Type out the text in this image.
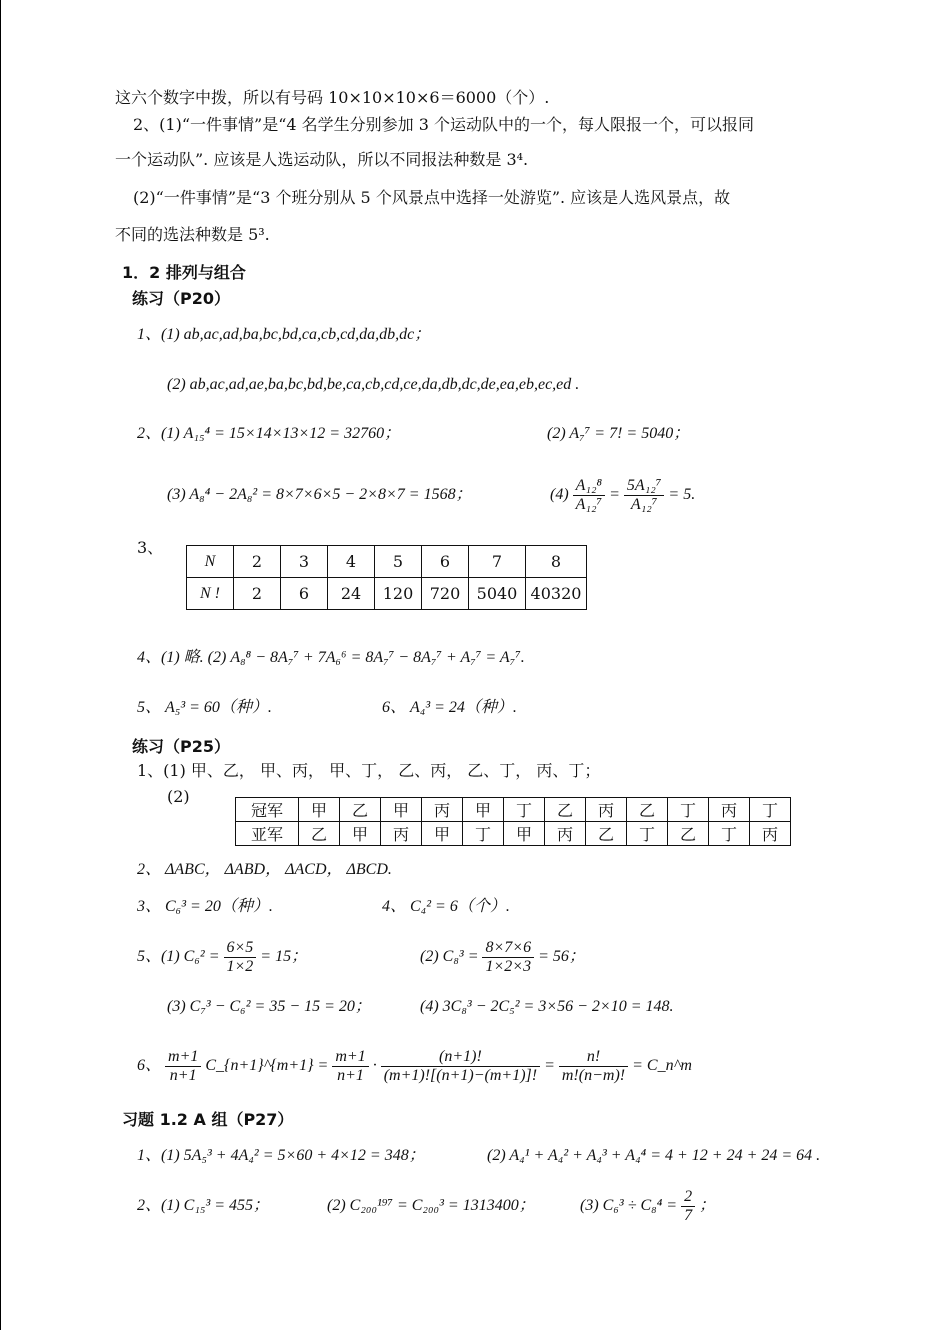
这六个数字中拨，所以有号码 10×10×10×6＝6000（个）.
2、(1)“一件事情”是“4 名学生分别参加 3 个运动队中的一个，每人限报一个，可以报同
一个运动队”. 应该是人选运动队，所以不同报法种数是 3⁴.
(2)“一件事情”是“3 个班分别从 5 个风景点中选择一处游览”. 应该是人选风景点，故
不同的选法种数是 5³.
1．2 排列与组合
练习（P20）
1、(1) ab,ac,ad,ba,bc,bd,ca,cb,cd,da,db,dc；
(2) ab,ac,ad,ae,ba,bc,bd,be,ca,cb,cd,ce,da,db,dc,de,ea,eb,ec,ed .
2、(1) A₁₅⁴ = 15×14×13×12 = 32760；	(2) A₇⁷ = 7! = 5040；
(3) A₈⁴ − 2A₈² = 8×7×6×5 − 2×8×7 = 1568；	$(4) \frac{\text{A₁₂⁸}}{\text{A₁₂⁷}} = \frac{\text{5A₁₂⁷}}{\text{A₁₂⁷}} = 5$.
3、
N	2	3	4	5	6	7	8
N !	2	6	24	120	720	5040	40320
4、(1) 略. (2) A₈⁸ − 8A₇⁷ + 7A₆⁶ = 8A₇⁷ − 8A₇⁷ + A₇⁷ = A₇⁷.
5、 A₅³ = 60（种）.	6、 A₄³ = 24（种）.
练习（P25）
1、(1) 甲、乙， 甲、丙， 甲、丁， 乙、丙， 乙、丁， 丙、丁；
(2)
冠军	甲	乙	甲	丙	甲	丁	乙	丙	乙	丁	丙	丁
亚军	乙	甲	丙	甲	丁	甲	丙	乙	丁	乙	丁	丙
2、 ΔABC， ΔABD， ΔACD， ΔBCD.
3、 C₆³ = 20（种）.	4、 C₄² = 6（个）.
5、(1) $C_6^2 = \frac{6\times 5}{1\times 2} = 15$；	(2) $C_8^3 = \frac{8\times 7\times 6}{1\times 2\times 3} = 56$；
(3) C₇³ − C₆² = 35 − 15 = 20；	(4) 3C₈³ − 2C₅² = 3×56 − 2×10 = 148.
6、 $\frac{m+1}{n+1}$ C_{n+1}^{m+1} = $\frac{m+1}{n+1} \cdot \frac{(n+1)!}{(m+1)![(n+1)-(m+1)]!} = \frac{n!}{m!(n-m)!}$ = C_n^m
习题 1.2 A 组（P27）
1、(1) 5A₅³ + 4A₄² = 5×60 + 4×12 = 348；	(2) A₄¹ + A₄² + A₄³ + A₄⁴ = 4 + 12 + 24 + 24 = 64 .
2、(1) C₁₅³ = 455；	(2) C₂₀₀¹⁹⁷ = C₂₀₀³ = 1313400；	(3) $C_6^3 \div C_8^4 = \frac{2}{7}$ ；
